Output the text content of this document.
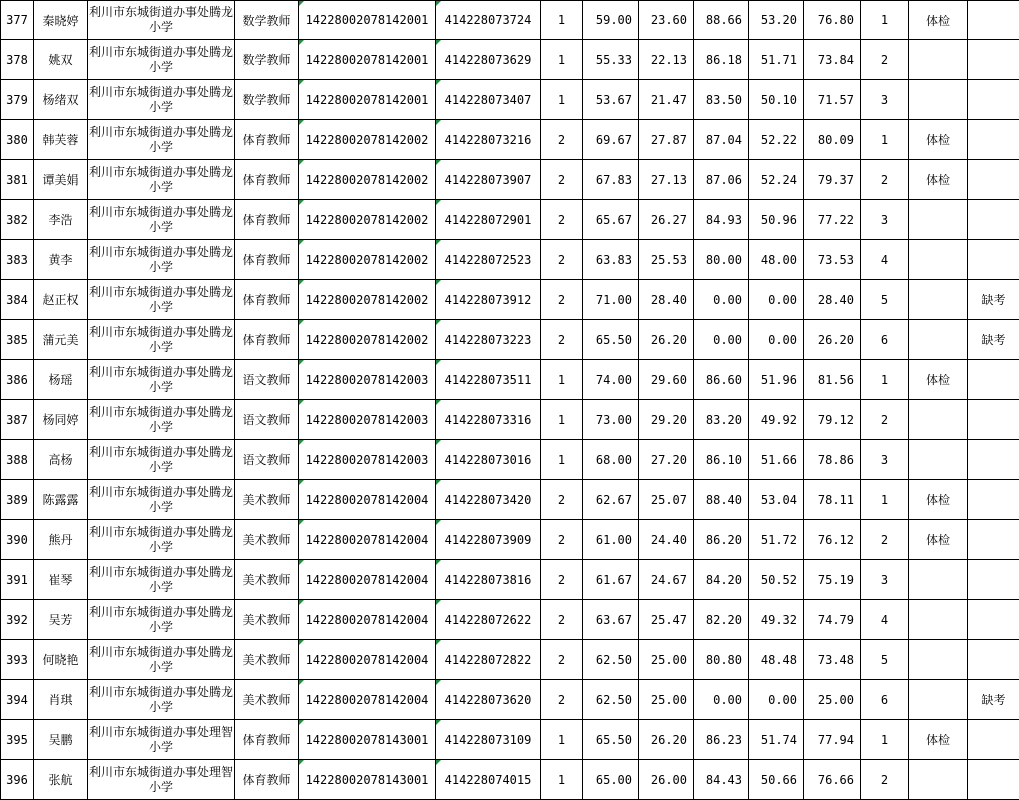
377	秦晓婷	利川市东城街道办事处腾龙小学	数学教师	14228002078142001	414228073724	1	59.00	23.60	88.66	53.20	76.80	1	体检	
378	姚双	利川市东城街道办事处腾龙小学	数学教师	14228002078142001	414228073629	1	55.33	22.13	86.18	51.71	73.84	2		
379	杨绪双	利川市东城街道办事处腾龙小学	数学教师	14228002078142001	414228073407	1	53.67	21.47	83.50	50.10	71.57	3		
380	韩芙蓉	利川市东城街道办事处腾龙小学	体育教师	14228002078142002	414228073216	2	69.67	27.87	87.04	52.22	80.09	1	体检	
381	谭美娟	利川市东城街道办事处腾龙小学	体育教师	14228002078142002	414228073907	2	67.83	27.13	87.06	52.24	79.37	2	体检	
382	李浩	利川市东城街道办事处腾龙小学	体育教师	14228002078142002	414228072901	2	65.67	26.27	84.93	50.96	77.22	3		
383	黄李	利川市东城街道办事处腾龙小学	体育教师	14228002078142002	414228072523	2	63.83	25.53	80.00	48.00	73.53	4		
384	赵正权	利川市东城街道办事处腾龙小学	体育教师	14228002078142002	414228073912	2	71.00	28.40	0.00	0.00	28.40	5		缺考
385	蒲元美	利川市东城街道办事处腾龙小学	体育教师	14228002078142002	414228073223	2	65.50	26.20	0.00	0.00	26.20	6		缺考
386	杨瑶	利川市东城街道办事处腾龙小学	语文教师	14228002078142003	414228073511	1	74.00	29.60	86.60	51.96	81.56	1	体检	
387	杨同婷	利川市东城街道办事处腾龙小学	语文教师	14228002078142003	414228073316	1	73.00	29.20	83.20	49.92	79.12	2		
388	高杨	利川市东城街道办事处腾龙小学	语文教师	14228002078142003	414228073016	1	68.00	27.20	86.10	51.66	78.86	3		
389	陈露露	利川市东城街道办事处腾龙小学	美术教师	14228002078142004	414228073420	2	62.67	25.07	88.40	53.04	78.11	1	体检	
390	熊丹	利川市东城街道办事处腾龙小学	美术教师	14228002078142004	414228073909	2	61.00	24.40	86.20	51.72	76.12	2	体检	
391	崔琴	利川市东城街道办事处腾龙小学	美术教师	14228002078142004	414228073816	2	61.67	24.67	84.20	50.52	75.19	3		
392	吴芳	利川市东城街道办事处腾龙小学	美术教师	14228002078142004	414228072622	2	63.67	25.47	82.20	49.32	74.79	4		
393	何晓艳	利川市东城街道办事处腾龙小学	美术教师	14228002078142004	414228072822	2	62.50	25.00	80.80	48.48	73.48	5		
394	肖琪	利川市东城街道办事处腾龙小学	美术教师	14228002078142004	414228073620	2	62.50	25.00	0.00	0.00	25.00	6		缺考
395	吴鹏	利川市东城街道办事处理智小学	体育教师	14228002078143001	414228073109	1	65.50	26.20	86.23	51.74	77.94	1	体检	
396	张航	利川市东城街道办事处理智小学	体育教师	14228002078143001	414228074015	1	65.00	26.00	84.43	50.66	76.66	2		
